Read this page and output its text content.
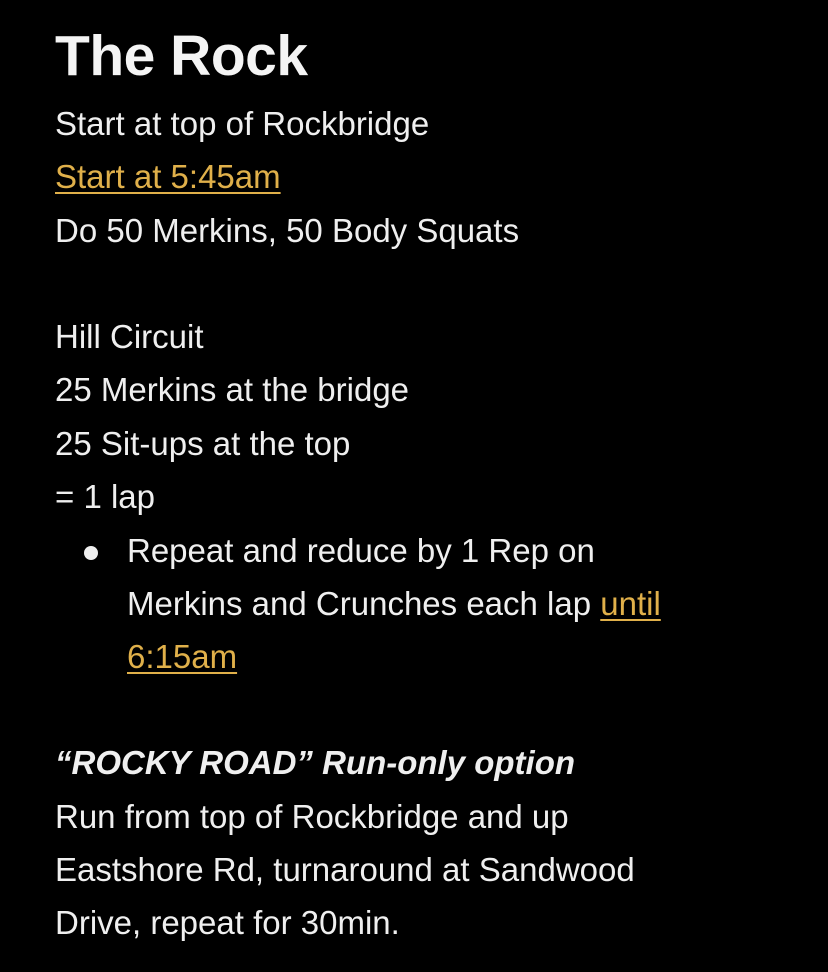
The Rock
Start at top of Rockbridge
Start at 5:45am
Do 50 Merkins, 50 Body Squats
Hill Circuit
25 Merkins at the bridge
25 Sit-ups at the top
= 1 lap
Repeat and reduce by 1 Rep on
Merkins and Crunches each lap until
6:15am
“ROCKY ROAD” Run-only option
Run from top of Rockbridge and up
Eastshore Rd, turnaround at Sandwood
Drive, repeat for 30min.
